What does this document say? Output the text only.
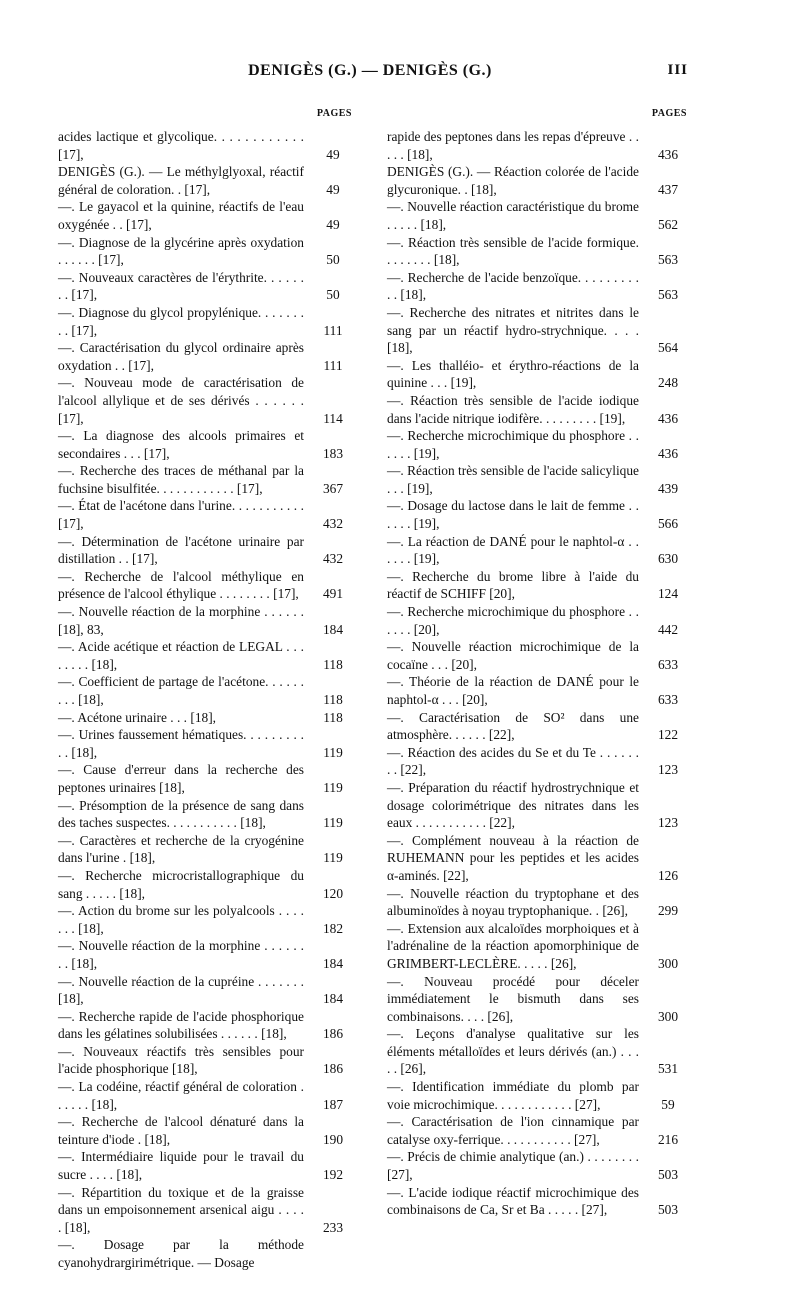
DENIGÈS (G.) — DENIGÈS (G.)	III
PAGES
acides lactique et glycolique. . . . . . . . . . . . [17],	49
DENIGÈS (G.). — Le méthylglyoxal, réactif général de coloration. . [17],	49
—. Le gayacol et la quinine, réactifs de l'eau oxygénée . . [17],	49
—. Diagnose de la glycérine après oxydation . . . . . . [17],	50
—. Nouveaux caractères de l'érythrite. . . . . . . . [17],	50
—. Diagnose du glycol propylénique. . . . . . . . . [17],	111
—. Caractérisation du glycol ordinaire après oxydation . . [17],	111
—. Nouveau mode de caractérisation de l'alcool allylique et de ses dérivés . . . . . . [17],	114
—. La diagnose des alcools primaires et secondaires . . . [17],	183
—. Recherche des traces de méthanal par la fuchsine bisulfitée. . . . . . . . . . . . [17],	367
—. État de l'acétone dans l'urine. . . . . . . . . . . [17],	432
—. Détermination de l'acétone urinaire par distillation . . [17],	432
—. Recherche de l'alcool méthylique en présence de l'alcool éthylique . . . . . . . . [17],	491
—. Nouvelle réaction de la morphine . . . . . . [18], 83,	184
—. Acide acétique et réaction de LEGAL . . . . . . . . [18],	118
—. Coefficient de partage de l'acétone. . . . . . . . . [18],	118
—. Acétone urinaire . . . [18],	118
—. Urines faussement hématiques. . . . . . . . . . . [18],	119
—. Cause d'erreur dans la recherche des peptones urinaires [18],	119
—. Présomption de la présence de sang dans des taches suspectes. . . . . . . . . . . [18],	119
—. Caractères et recherche de la cryogénine dans l'urine . [18],	119
—. Recherche microcristallographique du sang . . . . . [18],	120
—. Action du brome sur les polyalcools . . . . . . . [18],	182
—. Nouvelle réaction de la morphine . . . . . . . . [18],	184
—. Nouvelle réaction de la cupréine . . . . . . . [18],	184
—. Recherche rapide de l'acide phosphorique dans les gélatines solubilisées . . . . . . [18],	186
—. Nouveaux réactifs très sensibles pour l'acide phosphorique [18],	186
—. La codéine, réactif général de coloration . . . . . . [18],	187
—. Recherche de l'alcool dénaturé dans la teinture d'iode . [18],	190
—. Intermédiaire liquide pour le travail du sucre . . . . [18],	192
—. Répartition du toxique et de la graisse dans un empoisonnement arsenical aigu . . . . . [18],	233
—. Dosage par la méthode cyanohydrargirimétrique. — Dosage
PAGES
rapide des peptones dans les repas d'épreuve . . . . . [18],	436
DENIGÈS (G.). — Réaction colorée de l'acide glycuronique. . [18],	437
—. Nouvelle réaction caractéristique du brome . . . . . [18],	562
—. Réaction très sensible de l'acide formique. . . . . . . . [18],	563
—. Recherche de l'acide benzoïque. . . . . . . . . . . [18],	563
—. Recherche des nitrates et nitrites dans le sang par un réactif hydro-strychnique. . . . [18],	564
—. Les thalléio- et érythro-réactions de la quinine . . . [19],	248
—. Réaction très sensible de l'acide iodique dans l'acide nitrique iodifère. . . . . . . . . [19],	436
—. Recherche microchimique du phosphore . . . . . . [19],	436
—. Réaction très sensible de l'acide salicylique . . . [19],	439
—. Dosage du lactose dans le lait de femme . . . . . . [19],	566
—. La réaction de DANÉ pour le naphtol-α . . . . . . [19],	630
—. Recherche du brome libre à l'aide du réactif de SCHIFF [20],	124
—. Recherche microchimique du phosphore . . . . . . [20],	442
—. Nouvelle réaction microchimique de la cocaïne . . . [20],	633
—. Théorie de la réaction de DANÉ pour le naphtol-α . . . [20],	633
—. Caractérisation de SO² dans une atmosphère. . . . . . [22],	122
—. Réaction des acides du Se et du Te . . . . . . . . [22],	123
—. Préparation du réactif hydrostrychnique et dosage colorimétrique des nitrates dans les eaux . . . . . . . . . . . [22],	123
—. Complément nouveau à la réaction de RUHEMANN pour les peptides et les acides α-aminés. [22],	126
—. Nouvelle réaction du tryptophane et des albuminoïdes à noyau tryptophanique. . [26],	299
—. Extension aux alcaloïdes morphoiques et à l'adrénaline de la réaction apomorphinique de GRIMBERT-LECLÈRE. . . . . [26],	300
—. Nouveau procédé pour déceler immédiatement le bismuth dans ses combinaisons. . . . [26],	300
—. Leçons d'analyse qualitative sur les éléments métalloïdes et leurs dérivés (an.) . . . . . [26],	531
—. Identification immédiate du plomb par voie microchimique. . . . . . . . . . . . [27],	59
—. Caractérisation de l'ion cinnamique par catalyse oxy-ferrique. . . . . . . . . . . [27],	216
—. Précis de chimie analytique (an.) . . . . . . . . [27],	503
—. L'acide iodique réactif microchimique des combinaisons de Ca, Sr et Ba . . . . . [27],	503
